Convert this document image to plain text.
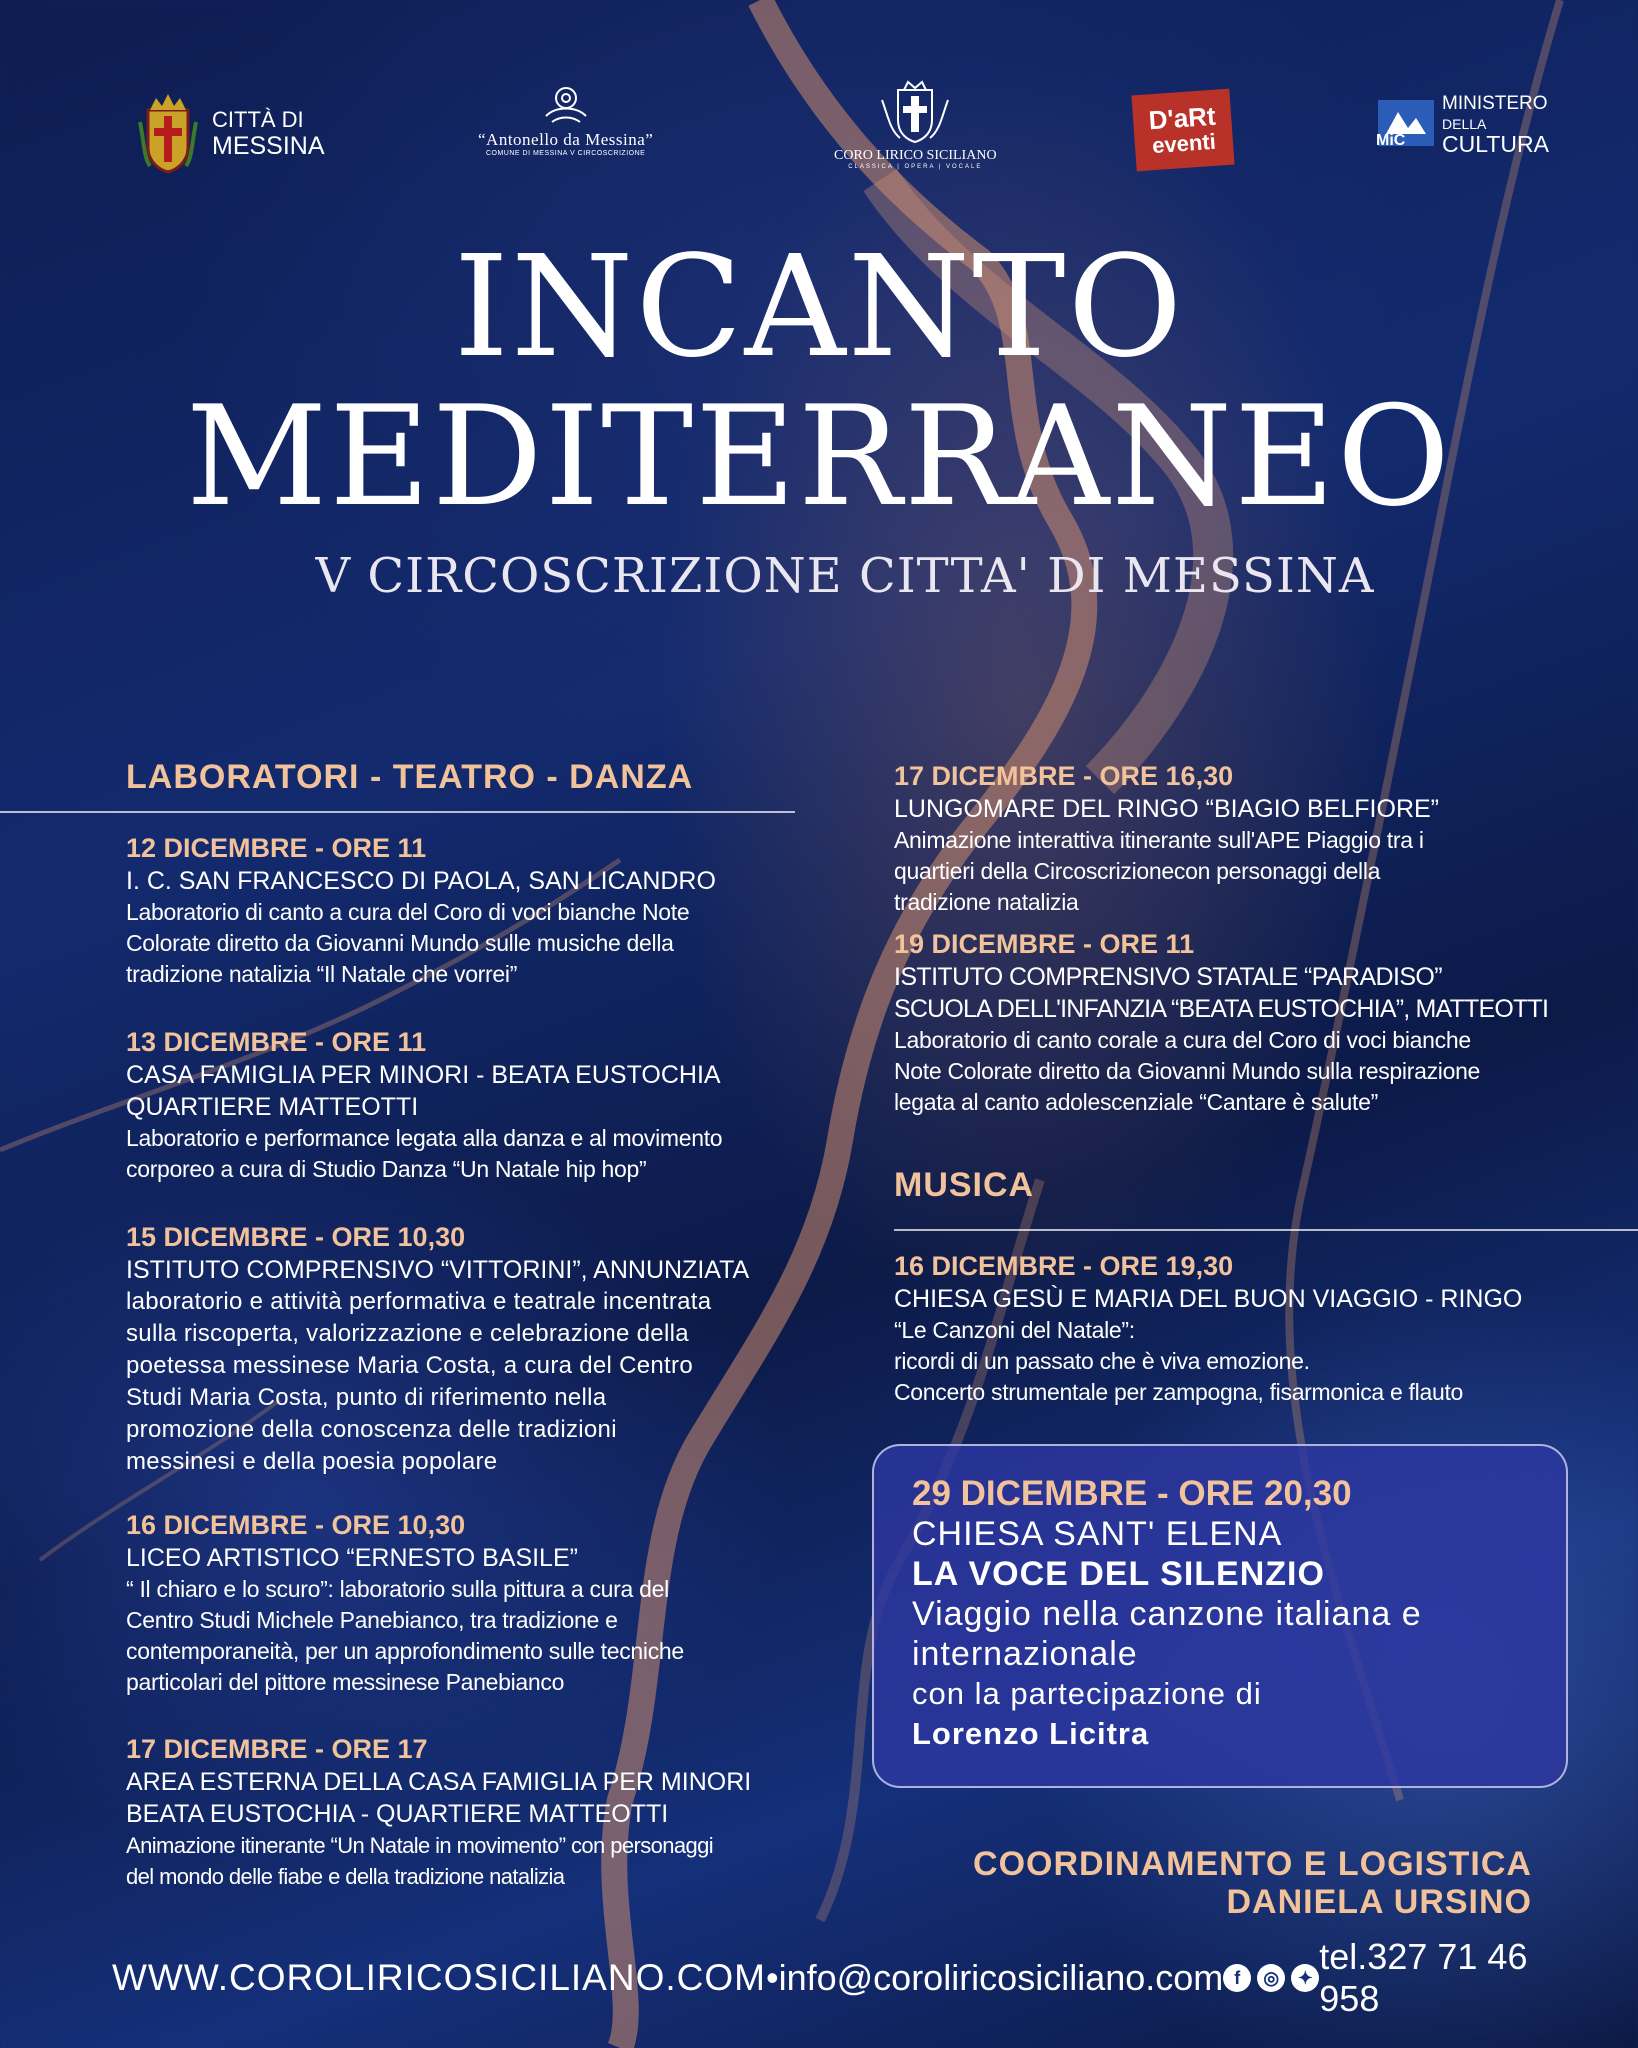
CITTÀ DI
MESSINA	“Antonello da Messina”
COMUNE DI MESSINA V CIRCOSCRIZIONE	CORO LIRICO SICILIANO
CLASSICA | OPERA | VOCALE
D'aRt
eventi	MiC
MINISTERO
DELLA
CULTURA
INCANTO
MEDITERRANEO
V CIRCOSCRIZIONE CITTA' DI MESSINA
LABORATORI - TEATRO - DANZA
12 DICEMBRE - ORE 11
I. C. SAN FRANCESCO DI PAOLA, SAN LICANDRO
Laboratorio di canto a cura del Coro di voci bianche Note
Colorate diretto da Giovanni Mundo sulle musiche della
tradizione natalizia “Il Natale che vorrei”
13 DICEMBRE - ORE 11
CASA FAMIGLIA PER MINORI - BEATA EUSTOCHIA
QUARTIERE MATTEOTTI
Laboratorio e performance legata alla danza e al movimento
corporeo a cura di Studio Danza “Un Natale hip hop”
15 DICEMBRE - ORE 10,30
ISTITUTO COMPRENSIVO “VITTORINI”, ANNUNZIATA
laboratorio e attività performativa e teatrale incentrata
sulla riscoperta, valorizzazione e celebrazione della
poetessa messinese Maria Costa, a cura del Centro
Studi Maria Costa, punto di riferimento nella
promozione della conoscenza delle tradizioni
messinesi e della poesia popolare
16 DICEMBRE - ORE 10,30
LICEO ARTISTICO “ERNESTO BASILE”
“ Il chiaro e lo scuro”: laboratorio sulla pittura a cura del
Centro Studi Michele Panebianco, tra tradizione e
contemporaneità, per un approfondimento sulle tecniche
particolari del pittore messinese Panebianco
17 DICEMBRE - ORE 17
AREA ESTERNA DELLA CASA FAMIGLIA PER MINORI
BEATA EUSTOCHIA - QUARTIERE MATTEOTTI
Animazione itinerante “Un Natale in movimento” con personaggi
del mondo delle fiabe e della tradizione natalizia
17 DICEMBRE - ORE 16,30
LUNGOMARE DEL RINGO “BIAGIO BELFIORE”
Animazione interattiva itinerante sull'APE Piaggio tra i
quartieri della Circoscrizionecon personaggi della
tradizione natalizia
19 DICEMBRE - ORE 11
ISTITUTO COMPRENSIVO STATALE “PARADISO”
SCUOLA DELL'INFANZIA “BEATA EUSTOCHIA”, MATTEOTTI
Laboratorio di canto corale a cura del Coro di voci bianche
Note Colorate diretto da Giovanni Mundo sulla respirazione
legata al canto adolescenziale “Cantare è salute”
MUSICA
16 DICEMBRE - ORE 19,30
CHIESA GESÙ E MARIA DEL BUON VIAGGIO - RINGO
“Le Canzoni del Natale”:
ricordi di un passato che è viva emozione.
Concerto strumentale per zampogna, fisarmonica e flauto
29 DICEMBRE - ORE 20,30
CHIESA SANT' ELENA
LA VOCE DEL SILENZIO
Viaggio nella canzone italiana e
internazionale
con la partecipazione di
Lorenzo Licitra
COORDINAMENTO E LOGISTICA
DANIELA URSINO
WWW.COROLIRICOSICILIANO.COM • info@coroliricosiciliano.com f	◎	✦
tel.327 71 46 958
